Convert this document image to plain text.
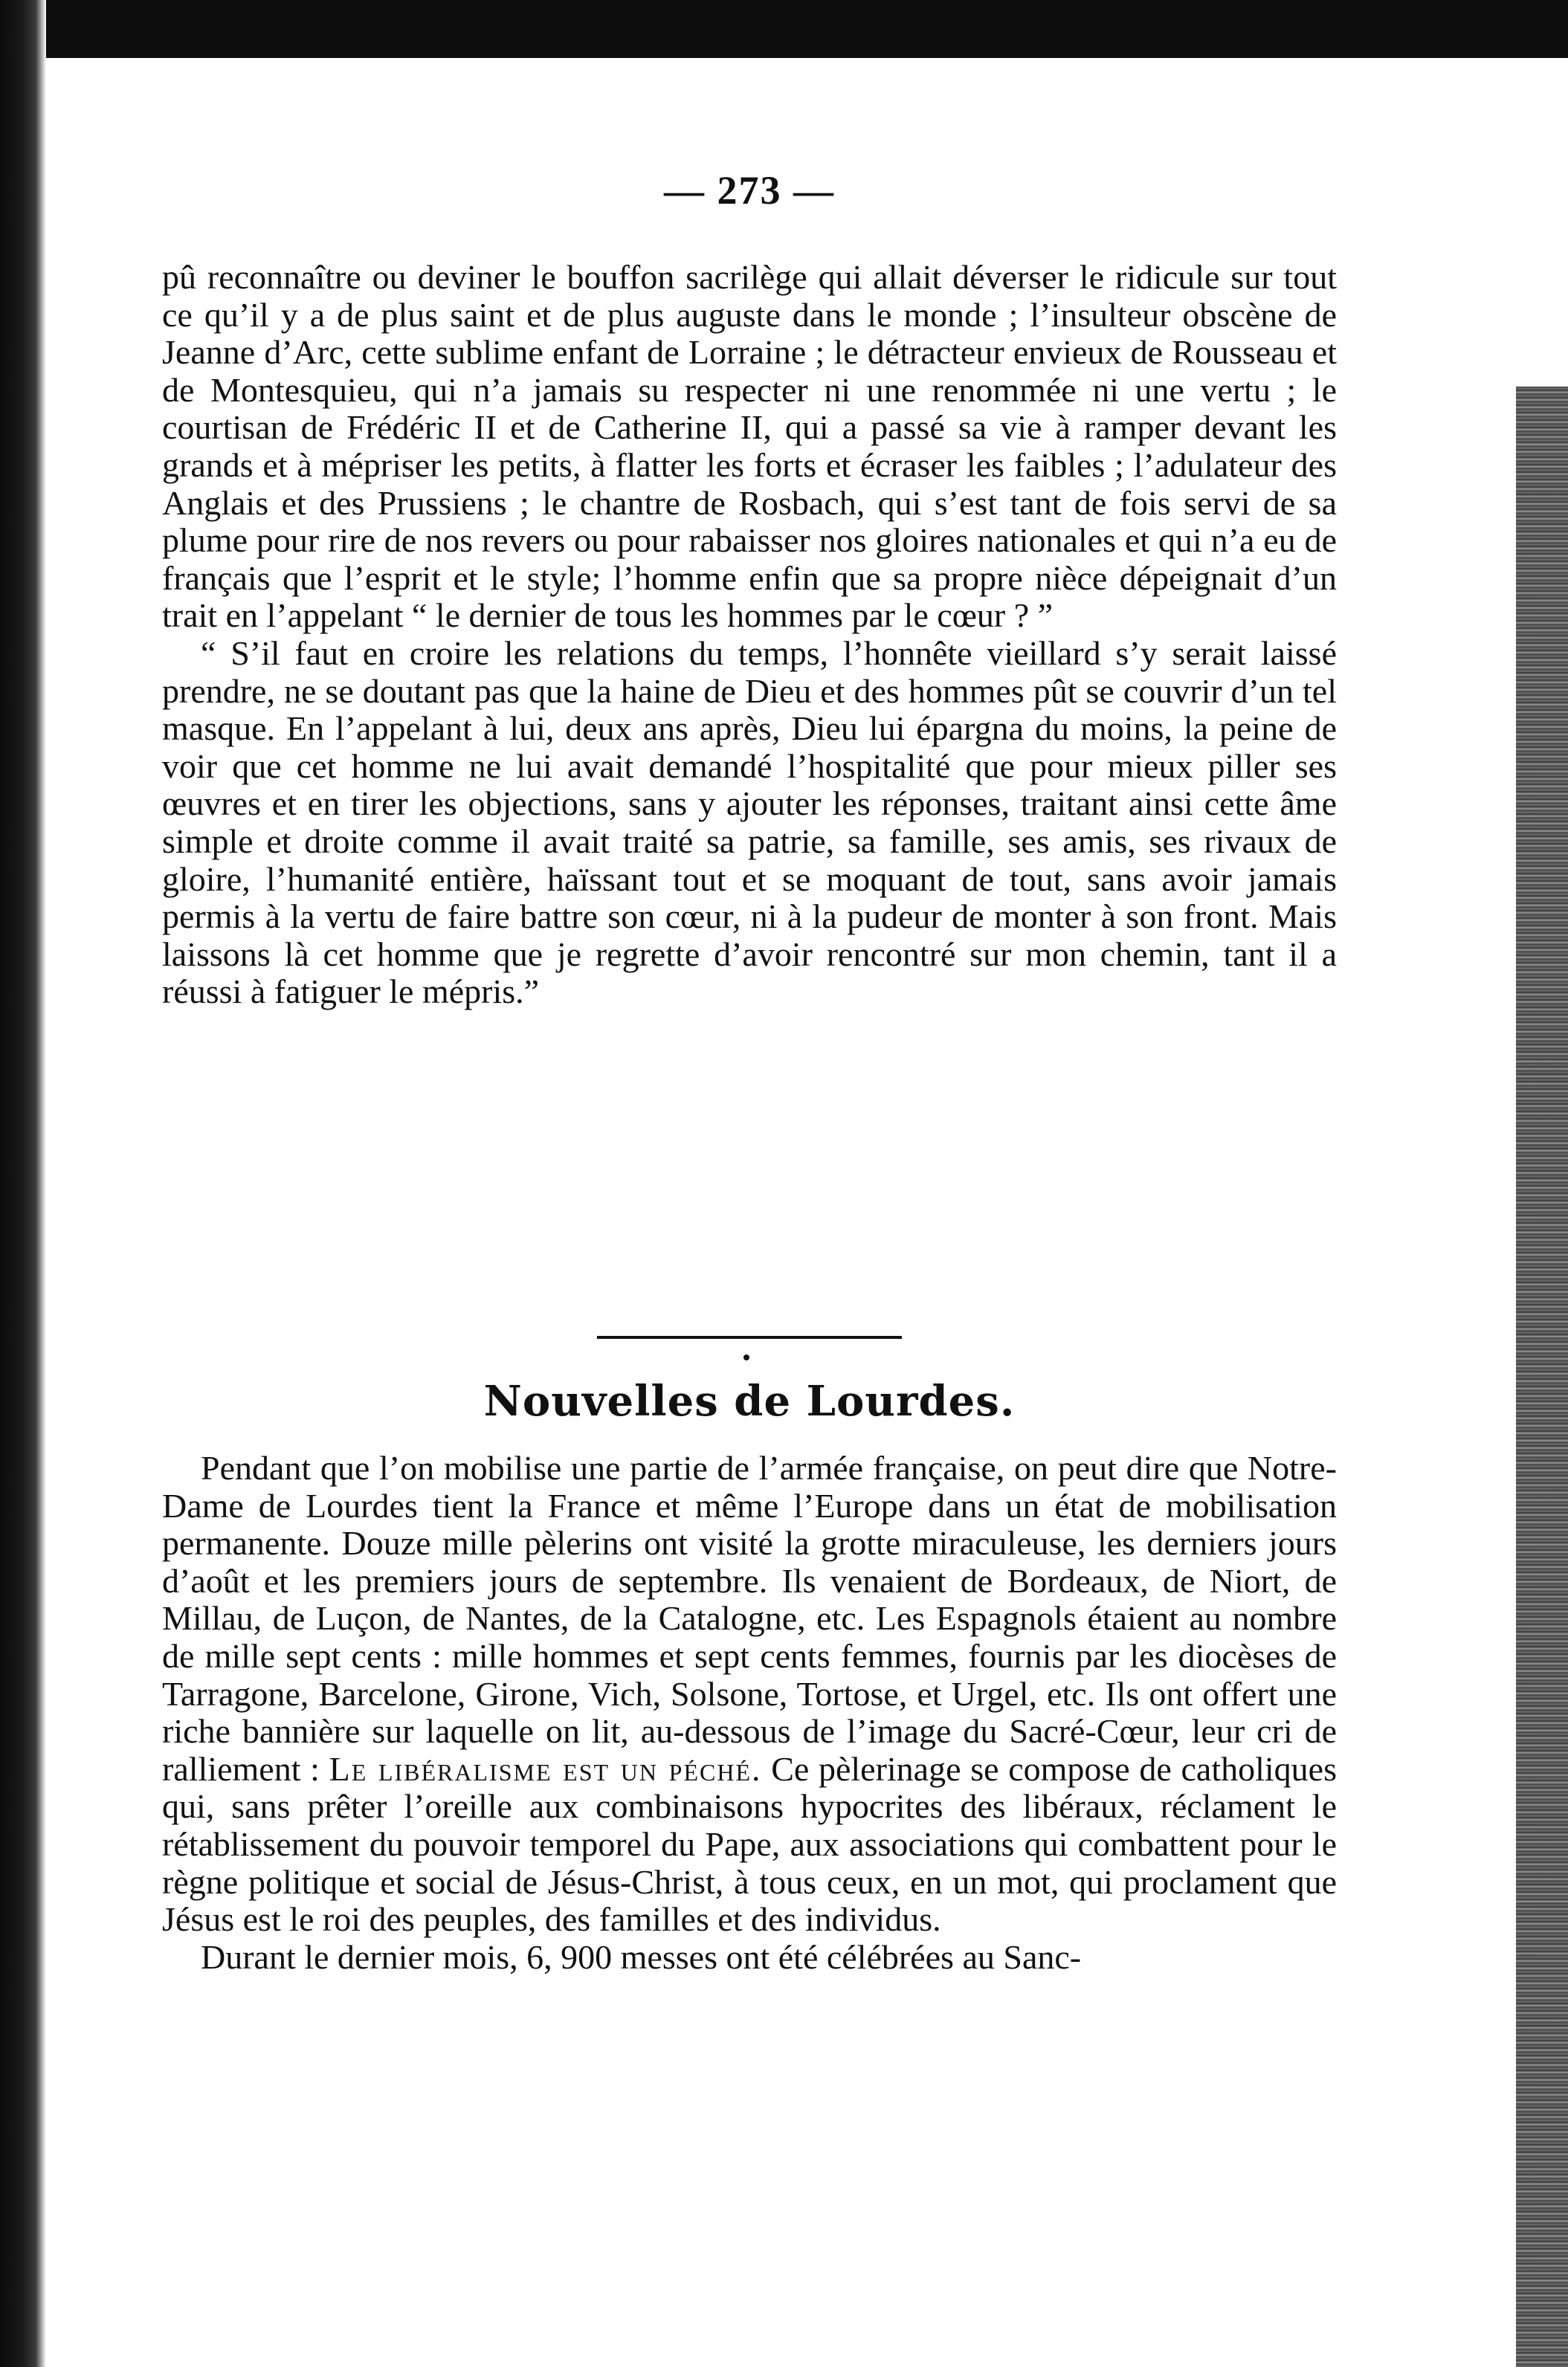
— 273 —

pû reconnaître ou deviner le bouffon sacrilège qui allait déverser le ridicule sur tout ce qu’il y a de plus saint et de plus auguste dans le monde ; l’insulteur obscène de Jeanne d’Arc, cette sublime enfant de Lorraine ; le détracteur envieux de Rousseau et de Montesquieu, qui n’a jamais su respecter ni une renommée ni une vertu ; le courtisan de Frédéric II et de Catherine II, qui a passé sa vie à ramper devant les grands et à mépriser les petits, à flatter les forts et écraser les faibles ; l’adulateur des Anglais et des Prussiens ; le chantre de Rosbach, qui s’est tant de fois servi de sa plume pour rire de nos revers ou pour rabaisser nos gloires nationales et qui n’a eu de français que l’esprit et le style; l’homme enfin que sa propre nièce dépeignait d’un trait en l’appelant “ le dernier de tous les hommes par le cœur ? ”

“ S’il faut en croire les relations du temps, l’honnête vieillard s’y serait laissé prendre, ne se doutant pas que la haine de Dieu et des hommes pût se couvrir d’un tel masque. En l’appelant à lui, deux ans après, Dieu lui épargna du moins, la peine de voir que cet homme ne lui avait demandé l’hospitalité que pour mieux piller ses œuvres et en tirer les objections, sans y ajouter les réponses, traitant ainsi cette âme simple et droite comme il avait traité sa patrie, sa famille, ses amis, ses rivaux de gloire, l’humanité entière, haïssant tout et se moquant de tout, sans avoir jamais permis à la vertu de faire battre son cœur, ni à la pudeur de monter à son front. Mais laissons là cet homme que je regrette d’avoir rencontré sur mon chemin, tant il a réussi à fatiguer le mépris.”

Nouvelles de Lourdes.

Pendant que l’on mobilise une partie de l’armée française, on peut dire que Notre-Dame de Lourdes tient la France et même l’Europe dans un état de mobilisation permanente. Douze mille pèlerins ont visité la grotte miraculeuse, les derniers jours d’août et les premiers jours de septembre. Ils venaient de Bordeaux, de Niort, de Millau, de Luçon, de Nantes, de la Catalogne, etc. Les Espagnols étaient au nombre de mille sept cents : mille hommes et sept cents femmes, fournis par les diocèses de Tarragone, Barcelone, Girone, Vich, Solsone, Tortose, et Urgel, etc. Ils ont offert une riche bannière sur laquelle on lit, au-dessous de l’image du Sacré-Cœur, leur cri de ralliement : Le libéralisme est un péché. Ce pèlerinage se compose de catholiques qui, sans prêter l’oreille aux combinaisons hypocrites des libéraux, réclament le rétablissement du pouvoir temporel du Pape, aux associations qui combattent pour le règne politique et social de Jésus-Christ, à tous ceux, en un mot, qui proclament que Jésus est le roi des peuples, des familles et des individus.

Durant le dernier mois, 6, 900 messes ont été célébrées au Sanc-
